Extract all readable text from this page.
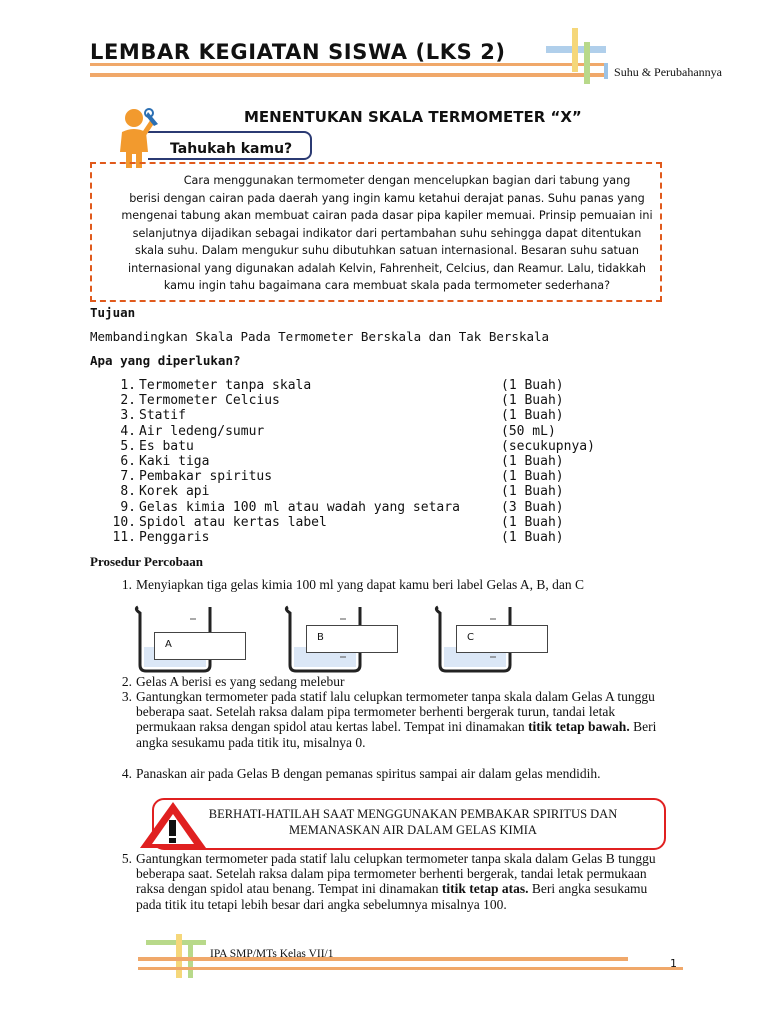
LEMBAR KEGIATAN SISWA (LKS 2)
Suhu & Perubahannya
MENENTUKAN SKALA TERMOMETER “X”
Tahukah kamu?
Cara menggunakan termometer dengan mencelupkan bagian dari tabung yang
berisi dengan cairan pada daerah yang ingin kamu ketahui derajat panas. Suhu panas yang
mengenai tabung akan membuat cairan pada dasar pipa kapiler memuai. Prinsip pemuaian ini
selanjutnya dijadikan sebagai indikator dari pertambahan suhu sehingga dapat ditentukan
skala suhu. Dalam mengukur suhu dibutuhkan satuan internasional. Besaran suhu satuan
internasional yang digunakan adalah Kelvin, Fahrenheit, Celcius, dan Reamur. Lalu, tidakkah
kamu ingin tahu bagaimana cara membuat skala pada termometer sederhana?
Tujuan
Membandingkan Skala Pada Termometer Berskala dan Tak Berskala
Apa yang diperlukan?
1. Termometer tanpa skala	(1 Buah)
2. Termometer Celcius	(1 Buah)
3. Statif	(1 Buah)
4. Air ledeng/sumur	(50 mL)
5. Es batu	(secukupnya)
6. Kaki tiga	(1 Buah)
7. Pembakar spiritus	(1 Buah)
8. Korek api	(1 Buah)
9. Gelas kimia 100 ml atau wadah yang setara	(3 Buah)
10. Spidol atau kertas label	(1 Buah)
11. Penggaris	(1 Buah)
Prosedur Percobaan
1. Menyiapkan tiga gelas kimia 100 ml yang dapat kamu beri label Gelas A, B, dan C
A
B	C
2. Gelas A berisi es yang sedang melebur
3. Gantungkan termometer pada statif lalu celupkan termometer tanpa skala dalam Gelas A tunggu beberapa saat. Setelah raksa dalam pipa termometer berhenti bergerak turun, tandai letak permukaan raksa dengan spidol atau kertas label. Tempat ini dinamakan titik tetap bawah. Beri angka sesukamu pada titik itu, misalnya 0.
4. Panaskan air pada Gelas B dengan pemanas spiritus sampai air dalam gelas mendidih.
BERHATI-HATILAH SAAT MENGGUNAKAN PEMBAKAR SPIRITUS DAN
MEMANASKAN AIR DALAM GELAS KIMIA
5. Gantungkan termometer pada statif lalu celupkan termometer tanpa skala dalam Gelas B tunggu beberapa saat. Setelah raksa dalam pipa termometer berhenti bergerak, tandai letak permukaan raksa dengan spidol atau benang. Tempat ini dinamakan titik tetap atas. Beri angka sesukamu pada titik itu tetapi lebih besar dari angka sebelumnya misalnya 100.
IPA SMP/MTs Kelas VII/1
1
